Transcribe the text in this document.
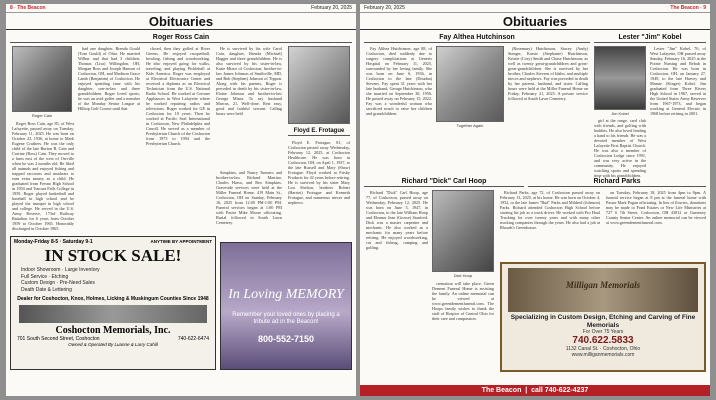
8 · The Beacon	February 20, 2025
Obituaries
Roger Ross Cain
Roger Cain

Roger Ross Cain, age 85, of West Lafayette, passed away on Tuesday, February 11, 2025. He was born on October 23, 1936, at home to Mark Eugene Cruthers. He was the only child of the late Burton B. Cain and Corrine (Ross) Cain. They moved to a farm east of the west of Orrville when he was 2 months old. He liked all animals and enjoyed fishing and trapped raccoons and muskrats to earn extra money as a child. He graduated from Fresno High School in 1954 and Tuscara Falls College in 1959. Roger played basketball and baseball in high school and he played the trumpet in high school and college. He served in the U.S. Army Reserve, 173rd Railway Battalion for 6 years from October 1959 to October 1965. Honorably discharged in October 1965.

had one daughter, Brenda Gould (Tom Gould) of Ohio. He married Wilbur and that had 3 children, Thomas (Lisa) Willingdon, OH, Morgan Ross and Joseph Hanson of Coshocton, OH, and Madison Grace Lamb (Benjamin) of Coshocton. He enjoyed spending time with his daughter, son-in-law and three grandchildren. Roger loved sports; he was an avid golfer and a member of the Monday Senior League at Hilltop Golf Course until that

closed, then they golfed at River Greens. He enjoyed racquetball, bowling, fishing and woodworking. He also enjoyed going for walks, traveling, and playing Pickleball at Kids America. Roger was employed at Electrical Electronics Center and received a diploma as an Electrical Technician from the U.S. National Radio School. He worked at Cerrone Appliances in West Lafayette where he worked repairing radios and televisions. Roger worked for GE in Coshocton for 10 years. Then he worked at Pacific Seal International in Coshocton, New Philadelphia and Carroll. He served as a member of Presbyterian Church of the Coshocton from 1973 to 1994 and the Presbyterian Church.

He is survived by his wife Carol Cain, daughter, Brenda (Michael) Hagger and three grandchildren. He is also survived by his sister-in-law, Katie Minor of Coshocton, brother-in-law James Johnson of Smithville, MD, and Bob (Stephen) Johnson of Tippon. Along with his parents, Roger is preceded in death by his sister-in-law, Elaine Johnson and brother-in-law George Minor. To say husband Marcus, 21, Well-done. Rest easy, good and faithful servant. Calling hours were held

Floyd E. Frotague

Floyd E. Frotague, 81, of Coshocton passed away Wednesday, February 12, 2025, at Coshocton Healthcare. He was born in Coshocton, OH, on April 1, 1937, to the late Russell and Mary (Shaw) Frotague. Floyd worked at Frisby Products for 42 years before retiring. He is survived by his sister Mary Lou Shelton, brothers Robert (Harriet) Frotague and Kenneth Frotague, and numerous nieces and nephews.

Simpkins, and Nancy Tunnecs and brother-in-law Richard Martino, Charles Harsa, and Rex Simpkins. Graveside services were held at the Miller Funeral Home, 419 Main St., Coshocton, OH on Sunday, February 16, 2025 from 12:00 PM-1:00 PM. Funeral services began at 1:00 PM with Pastor Mike Moore officiating. Burial followed in South Lawn Cemetery.

Monday-Friday 8-5 · Saturday 9-1	ANYTIME BY APPOINTMENT
IN STOCK SALE!
Indoor Showroom · Large Inventory
Full Service · Etching
Custom Design · Pre-Need Sales
Death Date & Lettering
Dealer for Coshocton, Knox, Holmes, Licking & Muskingum Counties Since 1948
Coshocton Memorials, Inc.
701 South Second Street, Coshocton	740-622-6474
Owned & Operated By Luanne & Larry Cahill
In Loving MEMORY
Remember your loved ones by placing a tribute ad in the Beacon!
800-552-7150
February 20, 2025	The Beacon · 9
Obituaries
Fay Althea Hutchinson
Together Again

Fay Althea Hutchinson, age 88, of Coshocton, died suddenly due to surgery complications at Genesis Hospital on February 11, 2025, surrounded by her loving family. She was born on June 6, 1936, in Coshocton to the late (Doudna) Stevens. Fay spent 31 years with her late husband, George Hutchinson, who she married on September 30, 1956. He passed away on February 15, 2022. Fay was a wonderful woman who sacrificed much to raise her children and grandchildren.

(Rosemary) Hutchinson, Stacey (Andy) Stenger, Kassie (Stephanie) Hutchinson, Kristie (Cory) Smith and Chase Hutchinson; as well as twenty great-grandchildren and great-great-grandchildren. She is survived by her brother, Charles Stevens of Idaho, and multiple nieces and nephews. Fay was preceded in death by her parents, husband, and sister. Calling hours were held at the Miller Funeral Home on Friday, February 21, 2025. A private service followed at South Lawn Cemetery.

Lester "Jim" Kobel
Jim Kobel

Lester "Jim" Kobel, 76, of West Lafayette, OH passed away Sunday, February 16, 2025 at the Pointe Nursing and Rehab in Coshocton. He was born in Coshocton, OH, on January 27, 1949, to the late Harvey and Mamie (Kinger) Kobel. Jim graduated from Three Rivers High School in 1967, served in the United States Army Reserves from 1967-1973, and began working at General Electric in 1968 before retiring in 2001.

girl at the range, card club with friends, and golfing with buddies. He also loved lending a hand to his friends. He was a devoted member of West Lafayette First Baptist Church. He was also a member of Coshocton Lodge since 1991, and was very active in the community. He enjoyed watching sports and spending time with his grandchildren.

Richard "Dick" Carl Hoop

Richard "Dick" Carl Hoop, age 77, of Coshocton, passed away on Wednesday, February 12, 2025. He was born on June 5, 1947, in Coshocton, to the late William Hoop and Eleanor Jean (Grosse) Stanford. Dick was a master carpenter and mechanic. He also worked as a mechanic for many years before retiring. He enjoyed woodworking, car and fishing, camping and golfing.

Dick Hoop

cremation will take place. Green Dement Funeral Home is assisting the family. An online memorial can be viewed at www.greendementfuneral.com. The Hoops family wishes to thank the staff of Hospice of Central Ohio for their care and compassion.

Richard Parks

Richard Parks, age 72, of Coshocton passed away on February 13, 2025, at his home. He was born on October 4, 1952, to the late James "Bud" Parks and Mildred (Johnson) Parks. Richard attended Coshocton High School before starting his job as a truck driver. He worked with Pro Haul Trucking for over twenty years and with many other trucking companies through the years. He also had a job at Rhoads's Greenhouse.

on Tuesday, February 18, 2025 from 4pm to 8pm. A funeral service began at 8 pm at the funeral home with Pastor Mark Pagan officiating. In lieu of flowers, donations may be made to Pond Estates or New Life Ministries at 727 S 7th Street, Coshocton, OH 43812 or Guernsey County Senior Center. An online memorial can be viewed at www.greendementfuneral.com.

Milligan Memorials
Specializing in Custom Design, Etching and Carving of Fine Memorials
For Over 75 Years
740.622.5833
1132 Canal St. · Coshocton, Ohio
www.milliganmemorials.com
The Beacon  |  call 740-622-4237
